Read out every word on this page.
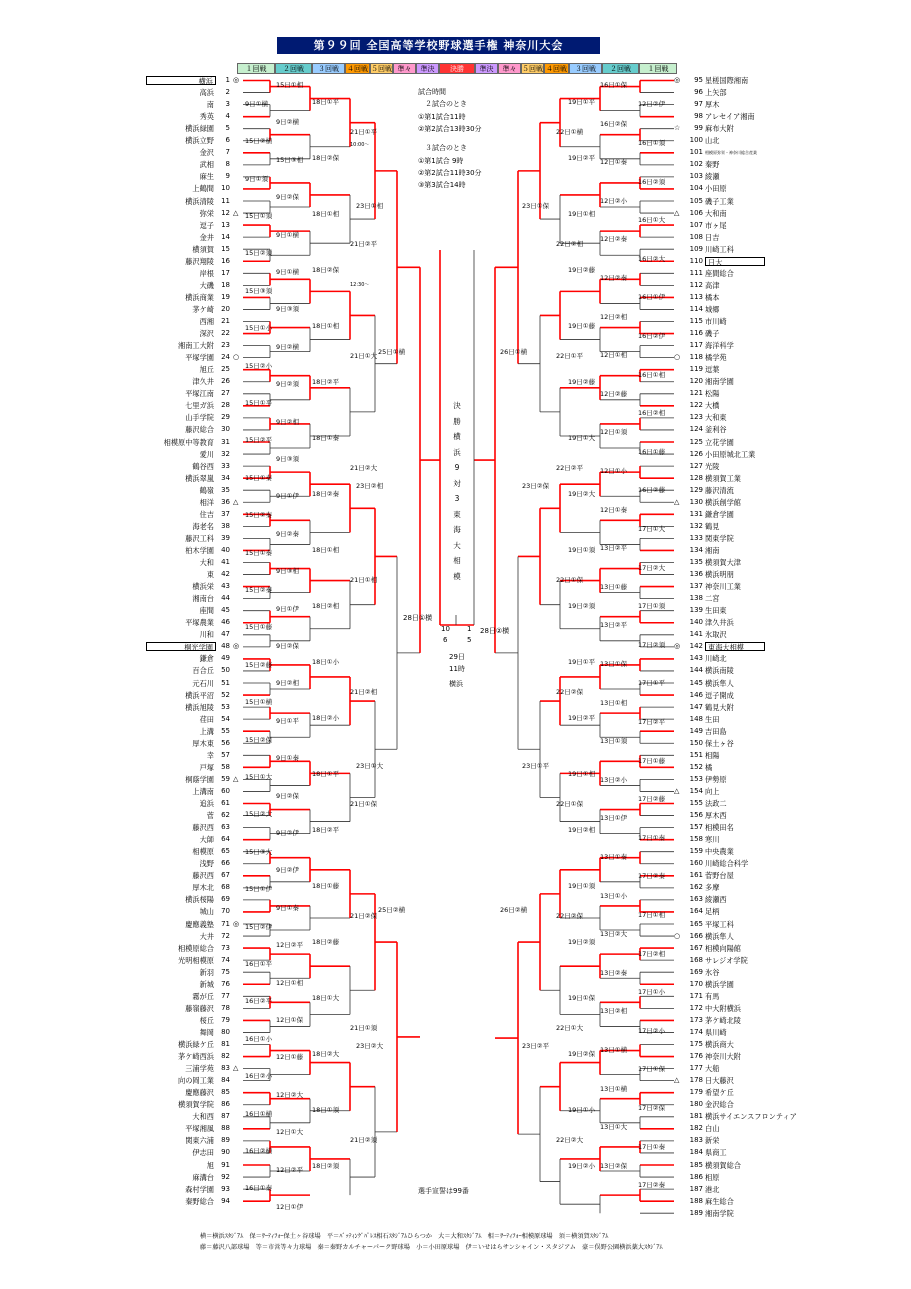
第９９回 全国高等学校野球選手権 神奈川大会
１回戦	２回戦	３回戦	４回戦 ５回戦 準々	準決	決勝	準決	準々 ５回戦 ４回戦	３回戦	２回戦	１回戦
横浜	1 ◎
高浜	2
南	3
秀英	4
横浜緑園	5
横浜立野	6
金沢	7
武相	8
麻生	9
上鶴間	10
横浜清陵	11
弥栄	12 △
逗子	13
金井	14
横須賀	15
藤沢翔陵	16
岸根	17
大磯	18
横浜商業	19
茅ケ崎	20
西湘	21
深沢	22
湘南工大附	23
平塚学園	24 ○
旭丘	25
津久井	26
平塚江南	27
七里ガ浜	28
山手学院	29
藤沢総合	30
相模原中等教育	31
愛川	32
鶴谷西	33
横浜翠嵐	34
鶴嶺	35
相洋	36 △
住吉	37
海老名	38
藤沢工科	39
柏木学園	40
大和	41
東	42
横浜栄	43
湘南台	44
座間	45
平塚農業	46
川和	47
桐光学園	48 ◎
鎌倉	49
百合丘	50
元石川	51
横浜平沼	52
横浜旭陵	53
荏田	54
上溝	55
厚木東	56
幸	57
戸塚	58
桐蔭学園	59 △
上溝南	60
追浜	61
菅	62
藤沢西	63
大師	64
相模原	65
浅野	66
藤沢西	67
厚木北	68
横浜桜陽	69
城山	70
慶應義塾	71 ◎
大井	72
相模原総合	73
光明相模原	74
新羽	75
新城	76
霧が丘	77
藤嶺藤沢	78
桜丘	79
舞岡	80
横浜緑ケ丘	81
茅ケ崎西浜	82
三浦学苑	83 △
向の岡工業	84
慶應藤沢	85
横須賀学院	86
大和西	87
平塚湘風	88
関東六浦	89
伊志田	90
旭	91
麻溝台	92
森村学園	93
秦野総合	94
◎	95 星槎国際湘南
96 上矢部
97 厚木
98 アレセイア湘南
☆	99 麻布大附
100 山北
101 相模原弥栄・神奈川総合産業
102 秦野
103 綾瀬
104 小田原
105 磯子工業
△	106 大和南
107 市ヶ尾
108 日吉
109 川崎工科
110 日大
111 座間総合
112 高津
113 橘本
114 城郷
115 市川崎
116 磯子
117 海洋科学
○	118 橘学苑
119 逗葉
120 湘南学園
121 松陽
122 大橋
123 大和東
124 釜利谷
125 立花学園
126 小田原城北工業
127 光陵
128 横須賀工業
129 藤沢清流
△	130 横浜創学館
131 鎌倉学園
132 鶴見
133 関東学院
134 湘南
135 横須賀大津
136 横浜明朋
137 神奈川工業
138 二宮
139 生田東
140 津久井浜
141 氷取沢
◎	142 東海大相模
143 川崎北
144 横浜南陵
145 横浜隼人
146 逗子開成
147 鶴見大附
148 生田
149 吉田島
150 保土ヶ谷
151 相陽
152 橘
153 伊勢原
△	154 向上
155 法政二
156 厚木西
157 相模田名
158 寒川
159 中央農業
160 川崎総合科学
161 菅野台屋
162 多摩
163 綾瀬西
164 足柄
165 平塚工科
○	166 横浜隼人
167 相模向陽館
168 サレジオ学院
169 氷谷
170 横浜学園
171 有馬
172 中大附横浜
173 茅ケ崎北陵
174 県川崎
175 横浜商大
176 神奈川大附
177 大船
△	178 日大藤沢
179 希望ケ丘
180 金沢総合
181 横浜サイエンスフロンティア
182 白山
183 新栄
184 県商工
185 横須賀総合
186 相原
187 港北
188 麻生総合
189 湘南学院
15日①相
9日①横
9日②横
15日②横
15日③相
9日①須
9日②保
15日①須
9日①横
15日②須
9日①横
15日③須
9日③須
15日①小
9日②横
15日②小
9日②須
15日①平
9日②相
15日②平
9日③須
15日①秦
9日①伊
15日②秦
9日②秦
15日①秦
9日③相
15日②秦
9日①伊
15日①藤
9日②保
15日②藤
9日②相
15日①横
9日①平
15日②保
9日①秦
15日①大
9日②保
15日②大
9日②伊
15日③大
9日②伊
15日①伊
9日①秦
15日②伊
12日②平
16日①平
12日①相
16日②平
12日①保
16日①小
12日①藤
16日②小
12日②大
16日①横
12日①大
16日②横
12日②平
16日①秦
12日①伊
18日①平
18日②保
18日①相
18日②保
18日①相
18日②平
18日①秦
18日②秦
18日①相
18日②相
18日①小
18日②小
18日①平
18日②平
18日①藤
18日②藤
18日①大
18日②大
18日①須
18日②須
21日①平
21日②平
21日①大
21日②大
21日①相
21日②相
21日①保
21日②保
21日①須
21日②須
23日①相
23日②相
23日①大
23日②大
25日①横
25日②横
16日①保
12日②伊
16日②保
16日①須
12日①秦
16日②須
12日②小
16日①大
12日②秦
16日②大
12日②秦
16日①伊
12日②相
16日②伊
12日①相
16日①相
12日②藤
16日②相
12日①須
16日①藤
12日①小
16日②藤
12日①秦
17日①大
13日②平
17日②大
13日①藤
17日①須
13日②平
17日②須
13日①保
17日①平
13日①相
17日②平
13日①須
17日①藤
13日②小
17日②藤
13日①伊
17日①秦
13日①秦
17日②秦
13日①小
17日①相
13日②大
17日②相
13日②秦
17日①小
13日②相
17日②小
13日①横
17日①保
13日①横
17日②保
13日①大
17日①秦
13日②保
17日②秦
19日①平
19日②平
19日①相
19日②藤
19日①藤
19日②藤
19日①大
19日②大
19日①須
19日②須
19日①平
19日②平
19日①相
19日②相
19日①須
19日②須
19日①保
19日②保
19日①小
19日②小
22日①横
22日②相
22日①平
22日②平
22日①保
22日②保
22日①保
22日②保
22日①大
22日②大
23日①保
23日②保
23日①平
23日②平
26日①横
26日②横
試合時間
２試合のとき
①第1試合11時
②第2試合13時30分
３試合のとき
①第1試合 9時
②第2試合11時30分
③第3試合14時
10:00～
12:30～
決
勝
横
浜
9
対
3
東
海
大
相
模
10
6
1
5
29日
11時
横浜
28日①横
28日②横
選手宣誓は99番
横＝横浜ｽﾀｼﾞｱﾑ　保＝ｻｰﾃｨﾌｫｰ保土ヶ谷球場　平＝ﾊﾞｯﾃｨﾝｸﾞﾊﾟﾚｽ相石ｽﾀｼﾞｱﾑひらつか　大＝大和ｽﾀｼﾞｱﾑ　相＝ｻｰﾃｨﾌｫｰ相模原球場　須＝横須賀ｽﾀｼﾞｱﾑ
藤＝藤沢八部球場　等＝市営等々力球場　秦＝秦野カルチャーパーク野球場　小＝小田原球場　伊＝いせはらサンシャイン・スタジアム　豪＝俣野公園横浜薬大ｽﾀｼﾞｱﾑ
